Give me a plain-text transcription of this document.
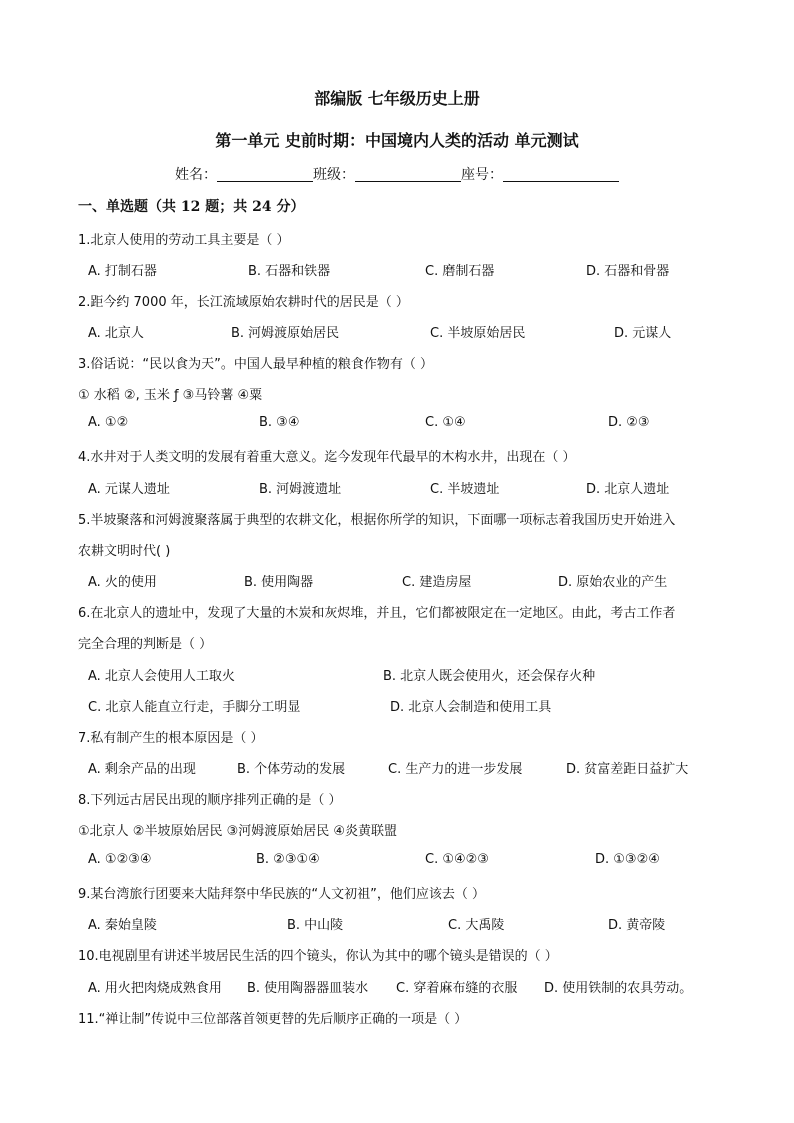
部编版 七年级历史上册
第一单元 史前时期：中国境内人类的活动 单元测试
姓名：	班级：	座号：
一、单选题（共 12 题；共 24 分）
1.北京人使用的劳动工具主要是（ ）
A. 打制石器	B. 石器和铁器	C. 磨制石器	D. 石器和骨器
2.距今约 7000 年，长江流域原始农耕时代的居民是（ ）
A. 北京人	B. 河姆渡原始居民	C. 半坡原始居民	D. 元谋人
3.俗话说：“民以食为天”。中国人最早种植的粮食作物有（ ）
① 水稻 ②, 玉米 ƒ ③马铃薯 ④粟
A. ①②	B. ③④	C. ①④	D. ②③
4.水井对于人类文明的发展有着重大意义。迄今发现年代最早的木构水井，出现在（ ）
A. 元谋人遗址	B. 河姆渡遗址	C. 半坡遗址	D. 北京人遗址
5.半坡聚落和河姆渡聚落属于典型的农耕文化，根据你所学的知识，下面哪一项标志着我国历史开始进入
农耕文明时代( )
A. 火的使用	B. 使用陶器	C. 建造房屋	D. 原始农业的产生
6.在北京人的遗址中，发现了大量的木炭和灰烬堆，并且，它们都被限定在一定地区。由此，考古工作者
完全合理的判断是（ ）
A. 北京人会使用人工取火	B. 北京人既会使用火，还会保存火种
C. 北京人能直立行走，手脚分工明显	D. 北京人会制造和使用工具
7.私有制产生的根本原因是（ ）
A. 剩余产品的出现	B. 个体劳动的发展	C. 生产力的进一步发展	D. 贫富差距日益扩大
8.下列远古居民出现的顺序排列正确的是（ ）
①北京人 ②半坡原始居民 ③河姆渡原始居民 ④炎黄联盟
A. ①②③④	B. ②③①④	C. ①④②③	D. ①③②④
9.某台湾旅行团要来大陆拜祭中华民族的“人文初祖”，他们应该去（ ）
A. 秦始皇陵	B. 中山陵	C. 大禹陵	D. 黄帝陵
10.电视剧里有讲述半坡居民生活的四个镜头，你认为其中的哪个镜头是错误的（ ）
A. 用火把肉烧成熟食用 B. 使用陶器器皿装水 C. 穿着麻布缝的衣服 D. 使用铁制的农具劳动。
11.“禅让制”传说中三位部落首领更替的先后顺序正确的一项是（ ）
